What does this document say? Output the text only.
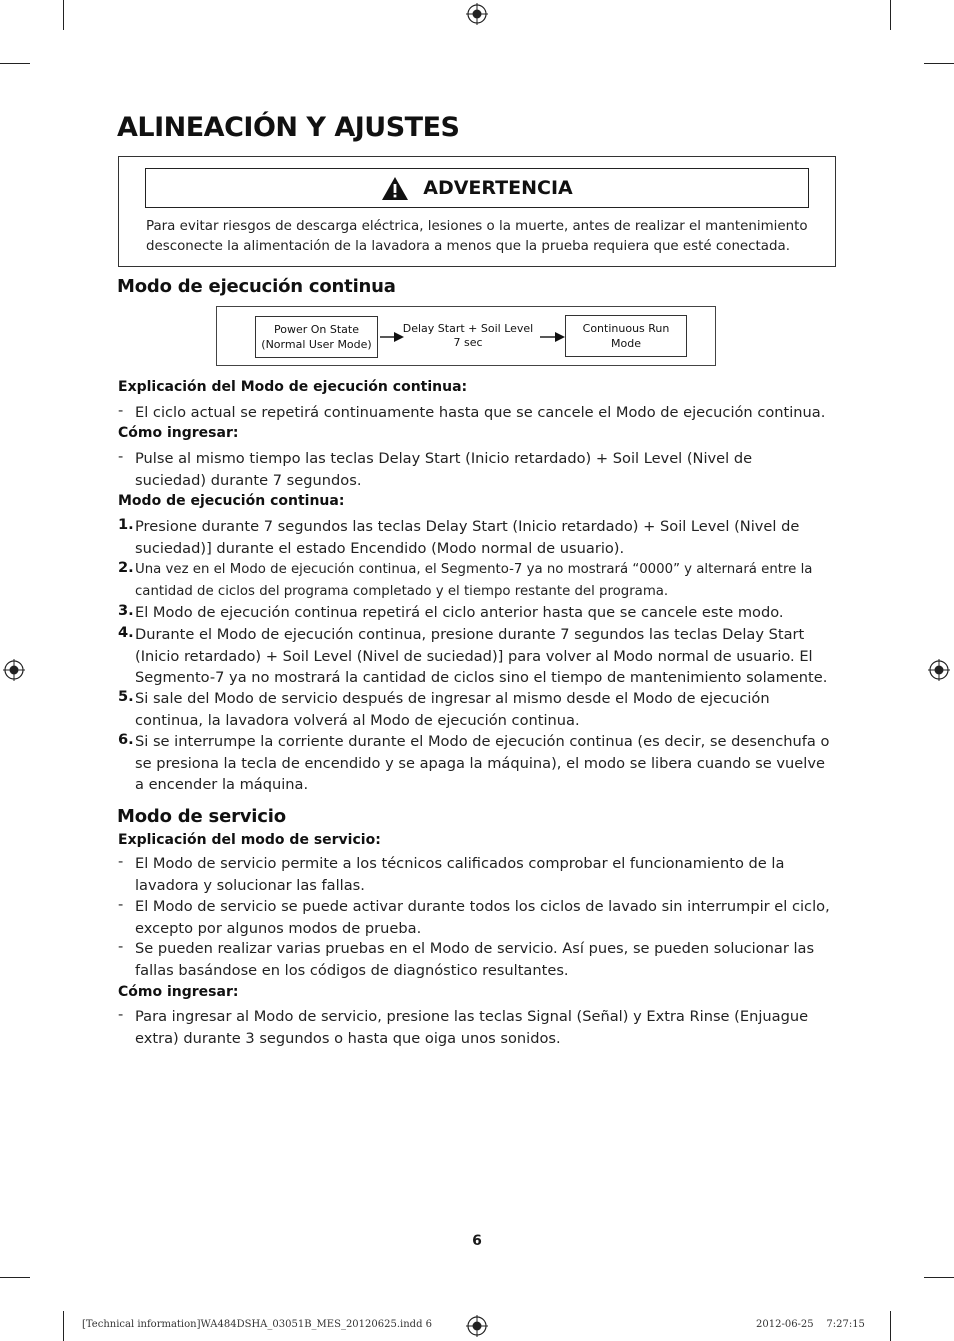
ALINEACIÓN Y AJUSTES
ADVERTENCIA

Para evitar riesgos de descarga eléctrica, lesiones o la muerte, antes de realizar el mantenimiento desconecte la alimentación de la lavadora a menos que la prueba requiera que esté conectada.

Modo de ejecución continua
Power On State
(Normal User Mode)
Delay Start + Soil Level
7 sec
Continuous Run Mode
Explicación del Modo de ejecución continua:
- El ciclo actual se repetirá continuamente hasta que se cancele el Modo de ejecución continua.

Cómo ingresar:
- Pulse al mismo tiempo las teclas Delay Start (Inicio retardado) + Soil Level (Nivel de suciedad) durante 7 segundos.

Modo de ejecución continua:
1. Presione durante 7 segundos las teclas Delay Start (Inicio retardado) + Soil Level (Nivel de suciedad)] durante el estado Encendido (Modo normal de usuario).

2. Una vez en el Modo de ejecución continua, el Segmento-7 ya no mostrará “0000” y alternará entre la cantidad de ciclos del programa completado y el tiempo restante del programa.

3. El Modo de ejecución continua repetirá el ciclo anterior hasta que se cancele este modo.

4. Durante el Modo de ejecución continua, presione durante 7 segundos las teclas Delay Start (Inicio retardado) + Soil Level (Nivel de suciedad)] para volver al Modo normal de usuario. El Segmento-7 ya no mostrará la cantidad de ciclos sino el tiempo de mantenimiento solamente.

5. Si sale del Modo de servicio después de ingresar al mismo desde el Modo de ejecución continua, la lavadora volverá al Modo de ejecución continua.

6. Si se interrumpe la corriente durante el Modo de ejecución continua (es decir, se desenchufa o se presiona la tecla de encendido y se apaga la máquina), el modo se libera cuando se vuelve a encender la máquina.

Modo de servicio
Explicación del modo de servicio:
- El Modo de servicio permite a los técnicos calificados comprobar el funcionamiento de la lavadora y solucionar las fallas.

- El Modo de servicio se puede activar durante todos los ciclos de lavado sin interrumpir el ciclo, excepto por algunos modos de prueba.

- Se pueden realizar varias pruebas en el Modo de servicio. Así pues, se pueden solucionar las fallas basándose en los códigos de diagnóstico resultantes.

Cómo ingresar:
- Para ingresar al Modo de servicio, presione las teclas Signal (Señal) y Extra Rinse (Enjuague extra) durante 3 segundos o hasta que oiga unos sonidos.

6
[Technical information]WA484DSHA_03051B_MES_20120625.indd 6	2012-06-25    7:27:15
